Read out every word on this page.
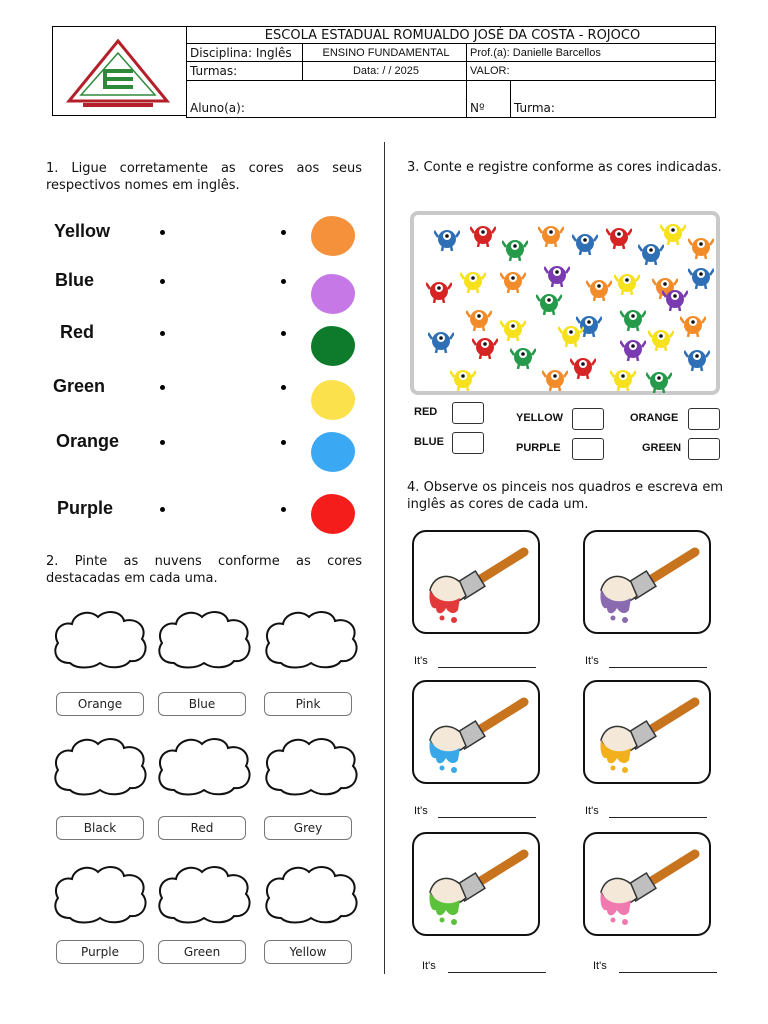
ESCOLA ESTADUAL ROMUALDO JOSÉ DA COSTA - ROJOCO
Disciplina: Inglês	ENSINO FUNDAMENTAL	Prof.(a): Danielle Barcellos
Turmas:	Data: / / 2025	VALOR:
Aluno(a):	Nº	Turma:
1. Ligue corretamente as cores aos seus respectivos nomes em inglês.
Yellow
Blue
Red
Green
Orange
Purple
2. Pinte as nuvens conforme as cores destacadas em cada uma.
Orange	Blue	Pink
Black	Red	Grey
Purple	Green	Yellow
3. Conte e registre conforme as cores indicadas.
RED
BLUE
YELLOW
PURPLE
ORANGE
GREEN
4. Observe os pinceis nos quadros e escreva em inglês as cores de cada um.
It's	It's
It's	It's
It's	It's
